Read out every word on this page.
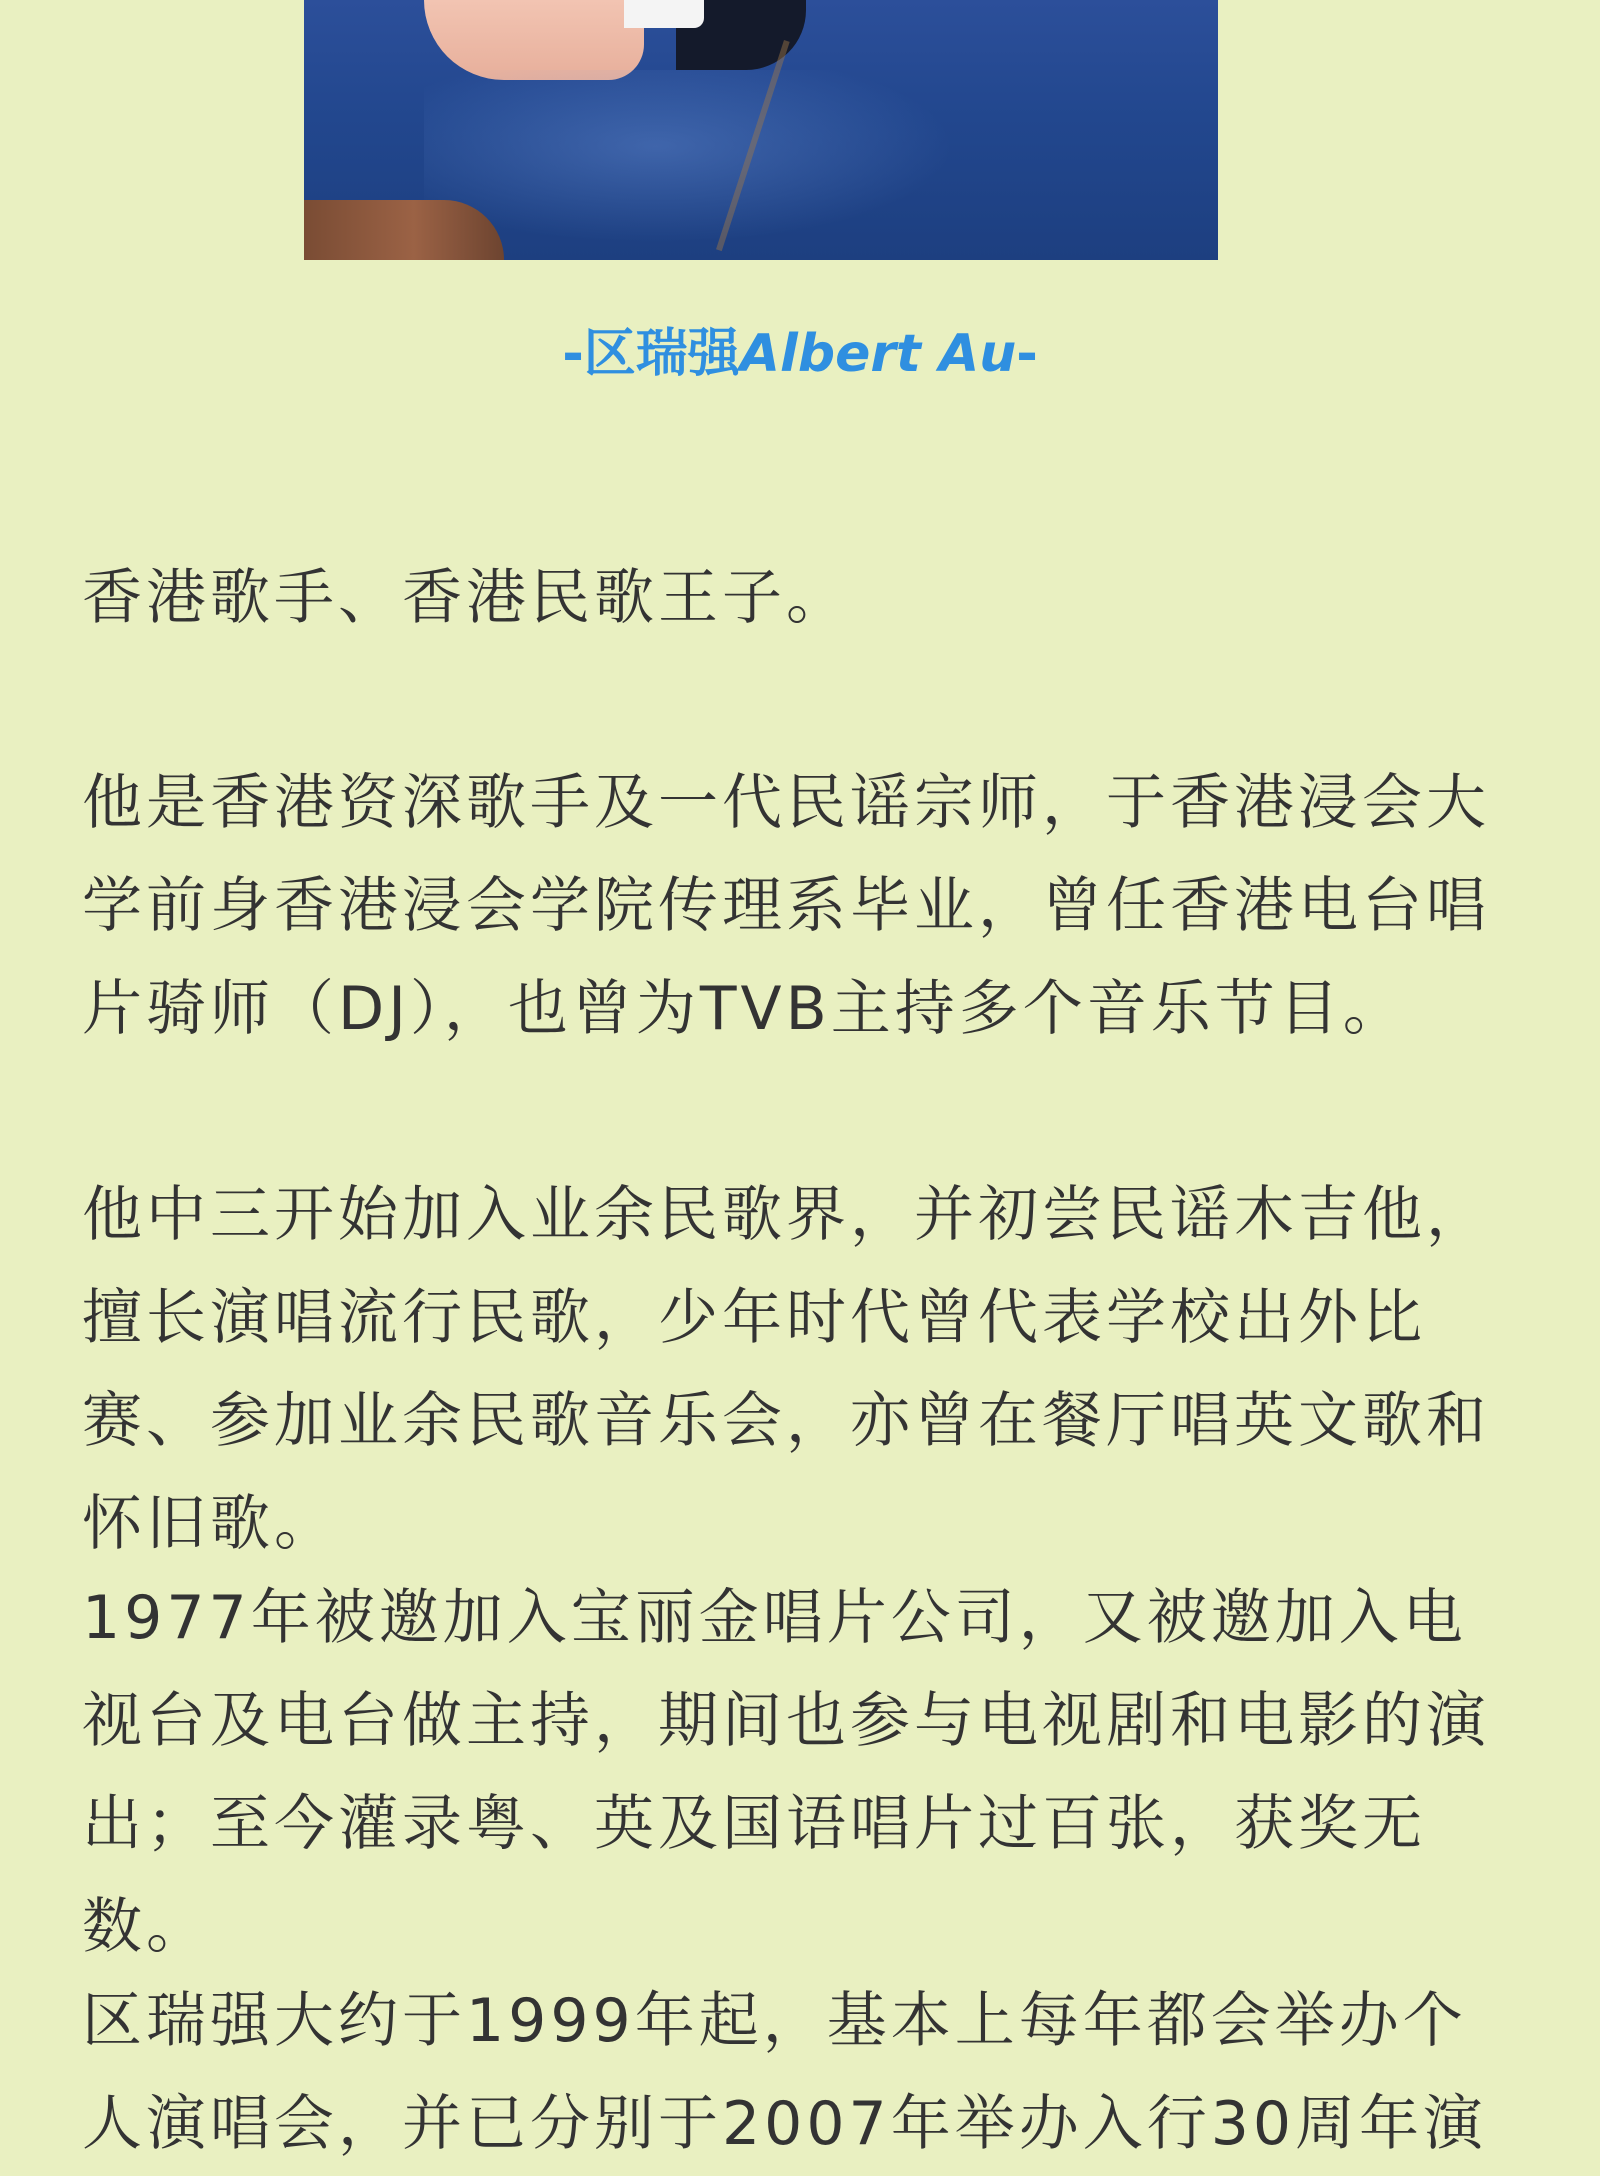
-区瑞强Albert Au-

香港歌手、香港民歌王子。

他是香港资深歌手及一代民谣宗师，于香港浸会大学前身香港浸会学院传理系毕业，曾任香港电台唱片骑师（DJ），也曾为TVB主持多个音乐节目。

他中三开始加入业余民歌界，并初尝民谣木吉他，擅长演唱流行民歌，少年时代曾代表学校出外比赛、参加业余民歌音乐会，亦曾在餐厅唱英文歌和怀旧歌。

1977年被邀加入宝丽金唱片公司，又被邀加入电视台及电台做主持，期间也参与电视剧和电影的演出；至今灌录粤、英及国语唱片过百张，获奖无数。

区瑞强大约于1999年起，基本上每年都会举办个人演唱会，并已分别于2007年举办入行30周年演
